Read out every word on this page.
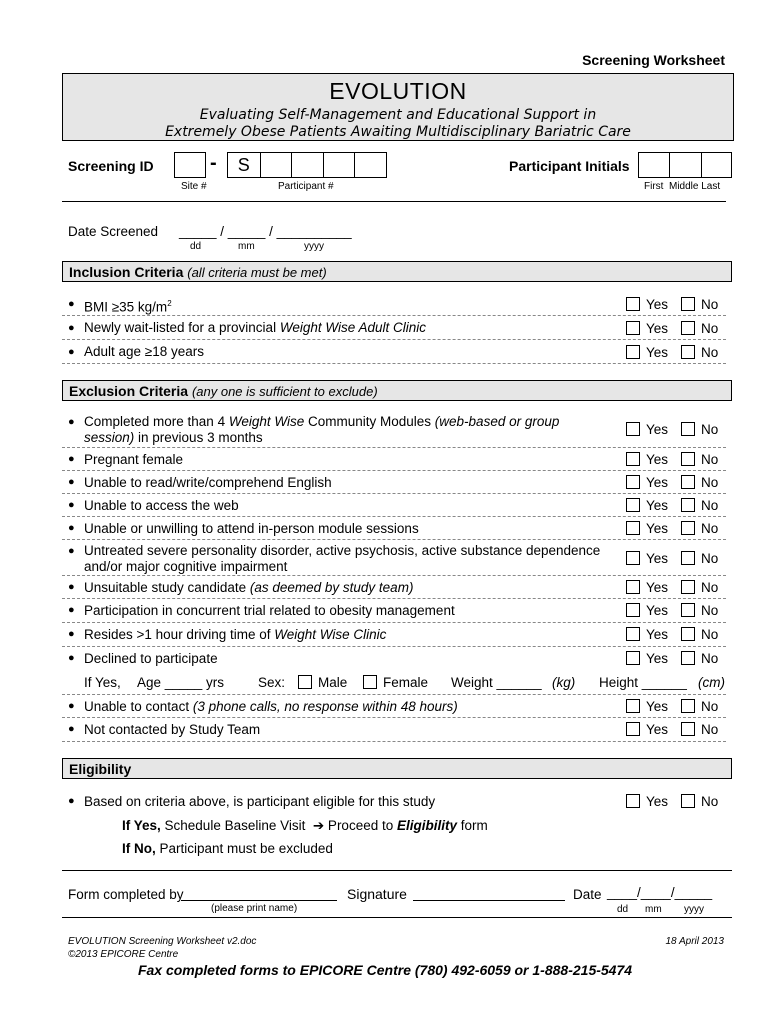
Screening Worksheet
EVOLUTION
Evaluating Self-Management and Educational Support in
Extremely Obese Patients Awaiting Multidisciplinary Bariatric Care
Screening ID	-	S
Site #	Participant #
Participant Initials
First  Middle Last
Date Screened _____ / _____ / __________
dd	mm	yyyy
Inclusion Criteria (all criteria must be met)
● BMI ≥35 $kg/m^2$	Yes	No
● Newly wait-listed for a provincial Weight Wise Adult Clinic	Yes	No
● Adult age ≥18 years	Yes	No
Exclusion Criteria (any one is sufficient to exclude)
● Completed more than 4 Weight Wise Community Modules (web-based or group
session) in previous 3 months
Yes	No
● Pregnant female	Yes	No
● Unable to read/write/comprehend English	Yes	No
● Unable to access the web	Yes	No
● Unable or unwilling to attend in-person module sessions	Yes	No
● Untreated severe personality disorder, active psychosis, active substance dependence
and/or major cognitive impairment
Yes	No
● Unsuitable study candidate (as deemed by study team)	Yes	No
● Participation in concurrent trial related to obesity management	Yes	No
● Resides >1 hour driving time of Weight Wise Clinic	Yes	No
● Declined to participate	Yes	No
If Yes, Age _____ yrs	Sex:	Male	Female Weight ______ (kg) Height ______ (cm)
● Unable to contact (3 phone calls, no response within 48 hours)	Yes	No
● Not contacted by Study Team	Yes	No
Eligibility
● Based on criteria above, is participant eligible for this study	Yes	No
If Yes, Schedule Baseline Visit  ➔ Proceed to Eligibility form
If No, Participant must be excluded
Form completed by
(please print name)
Signature	Date ____/____/_____
dd mm yyyy
EVOLUTION Screening Worksheet v2.doc
©2013 EPICORE Centre
18 April 2013
Fax completed forms to EPICORE Centre (780) 492-6059 or 1-888-215-5474
